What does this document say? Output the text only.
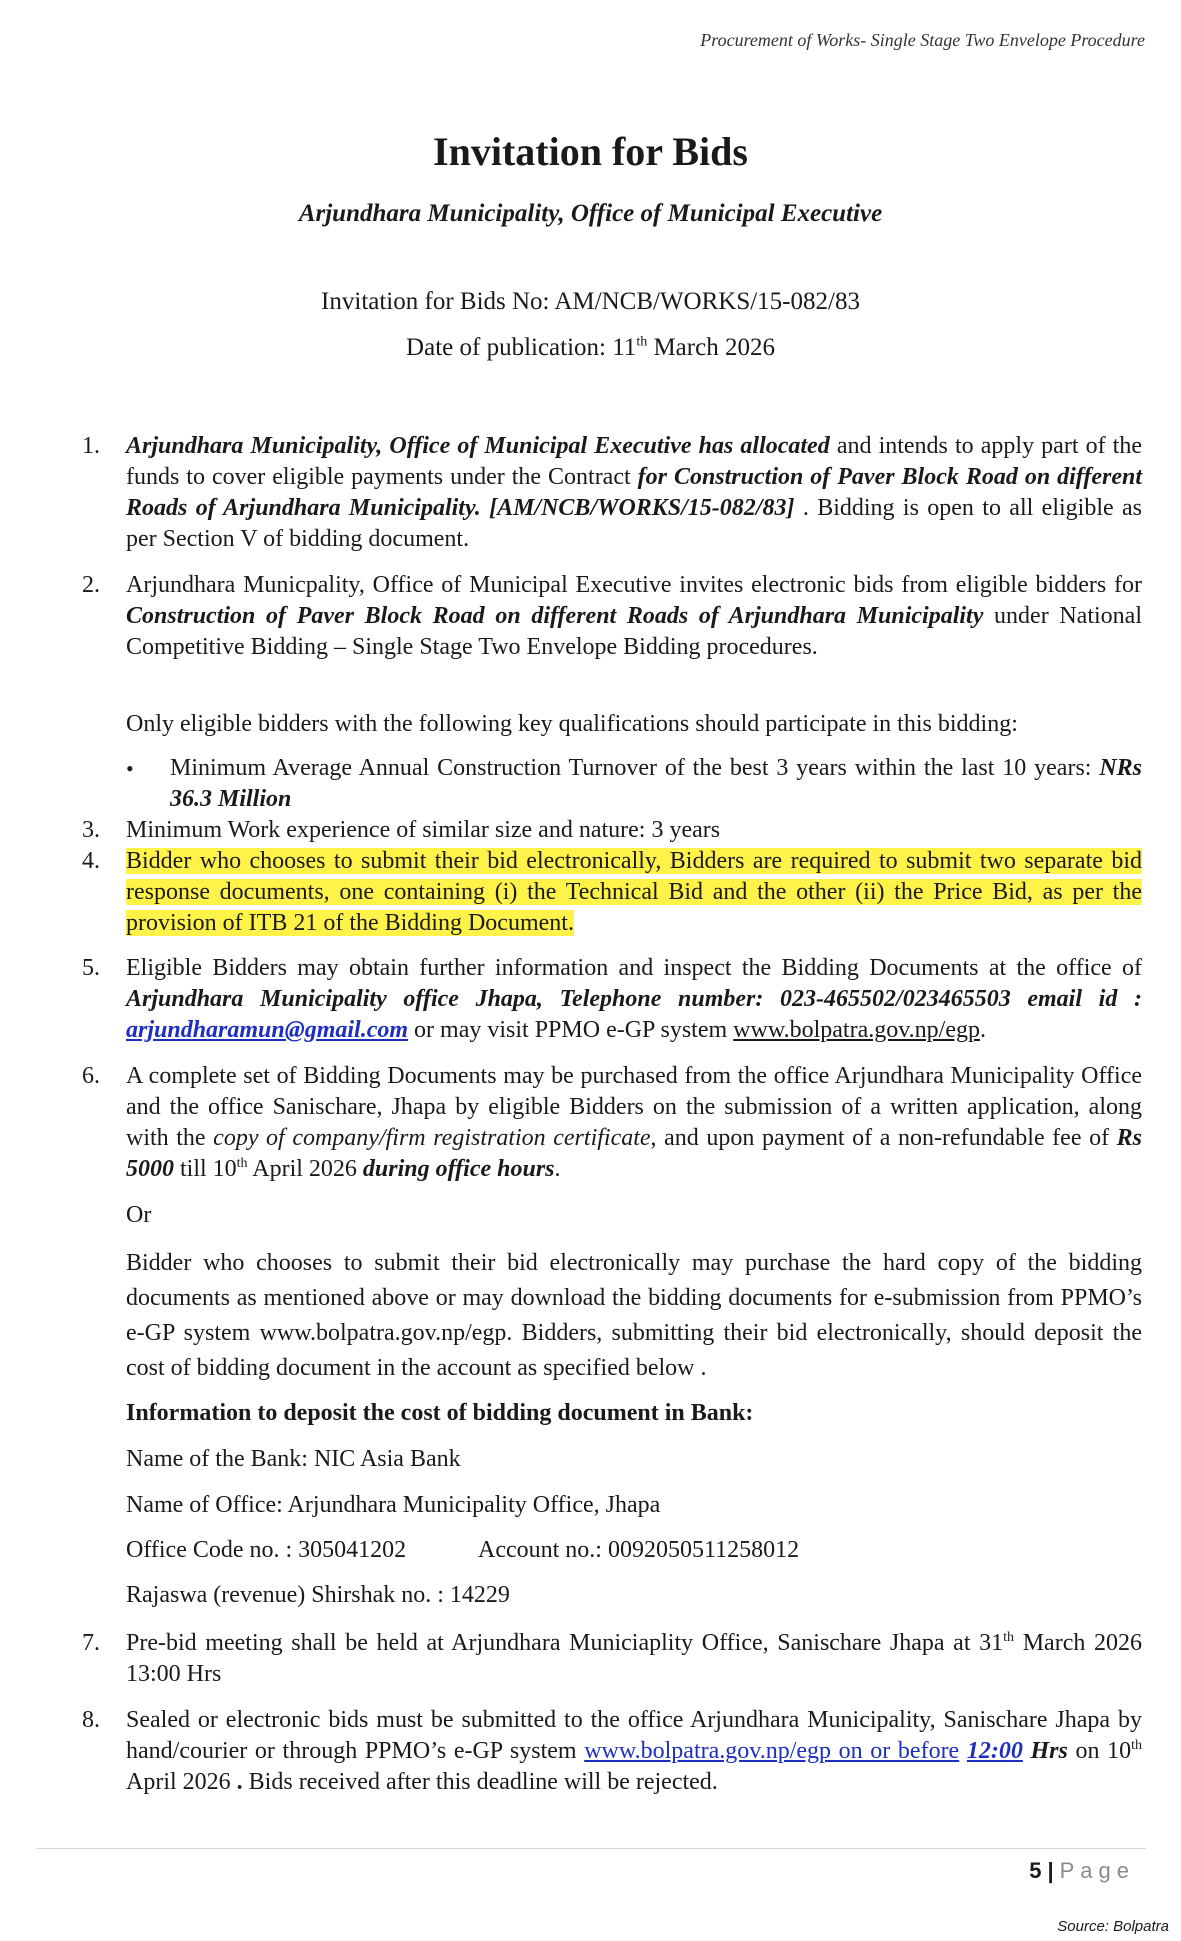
Procurement of Works- Single Stage Two Envelope Procedure
Invitation for Bids
Arjundhara Municipality, Office of Municipal Executive
Invitation for Bids No: AM/NCB/WORKS/15-082/83
Date of publication: 11th March 2026
1.	Arjundhara Municipality, Office of Municipal Executive has allocated and intends to apply part of the funds to cover eligible payments under the Contract for Construction of Paver Block Road on different Roads of Arjundhara Municipality. [AM/NCB/WORKS/15-082/83] . Bidding is open to all eligible as per Section V of bidding document.
2.	Arjundhara Municpality, Office of Municipal Executive invites electronic bids from eligible bidders for Construction of Paver Block Road on different Roads of Arjundhara Municipality under National Competitive Bidding – Single Stage Two Envelope Bidding procedures.
Only eligible bidders with the following key qualifications should participate in this bidding:
• Minimum Average Annual Construction Turnover of the best 3 years within the last 10 years: NRs 36.3 Million
3.	Minimum Work experience of similar size and nature: 3 years
4.	Bidder who chooses to submit their bid electronically, Bidders are required to submit two separate bid response documents, one containing (i) the Technical Bid and the other (ii) the Price Bid, as per the provision of ITB 21 of the Bidding Document.
5.	Eligible Bidders may obtain further information and inspect the Bidding Documents at the office of Arjundhara Municipality office Jhapa, Telephone number: 023-465502/023465503 email id : arjundharamun@gmail.com or may visit PPMO e-GP system www.bolpatra.gov.np/egp.
6.	A complete set of Bidding Documents may be purchased from the office Arjundhara Municipality Office and the office Sanischare, Jhapa by eligible Bidders on the submission of a written application, along with the copy of company/firm registration certificate, and upon payment of a non-refundable fee of Rs 5000 till 10th April 2026 during office hours.
Or
Bidder who chooses to submit their bid electronically may purchase the hard copy of the bidding documents as mentioned above or may download the bidding documents for e-submission from PPMO’s e-GP system www.bolpatra.gov.np/egp. Bidders, submitting their bid electronically, should deposit the cost of bidding document in the account as specified below .
Information to deposit the cost of bidding document in Bank:
Name of the Bank: NIC Asia Bank
Name of Office: Arjundhara Municipality Office, Jhapa
Office Code no. : 305041202	Account no.: 0092050511258012
Rajaswa (revenue) Shirshak no. : 14229
7.	Pre-bid meeting shall be held at Arjundhara Municiaplity Office, Sanischare Jhapa at 31th March 2026 13:00 Hrs
8.	Sealed or electronic bids must be submitted to the office Arjundhara Municipality, Sanischare Jhapa by hand/courier or through PPMO’s e-GP system www.bolpatra.gov.np/egp on or before 12:00 Hrs on 10th April 2026 . Bids received after this deadline will be rejected.
5 | Page
Source: Bolpatra
